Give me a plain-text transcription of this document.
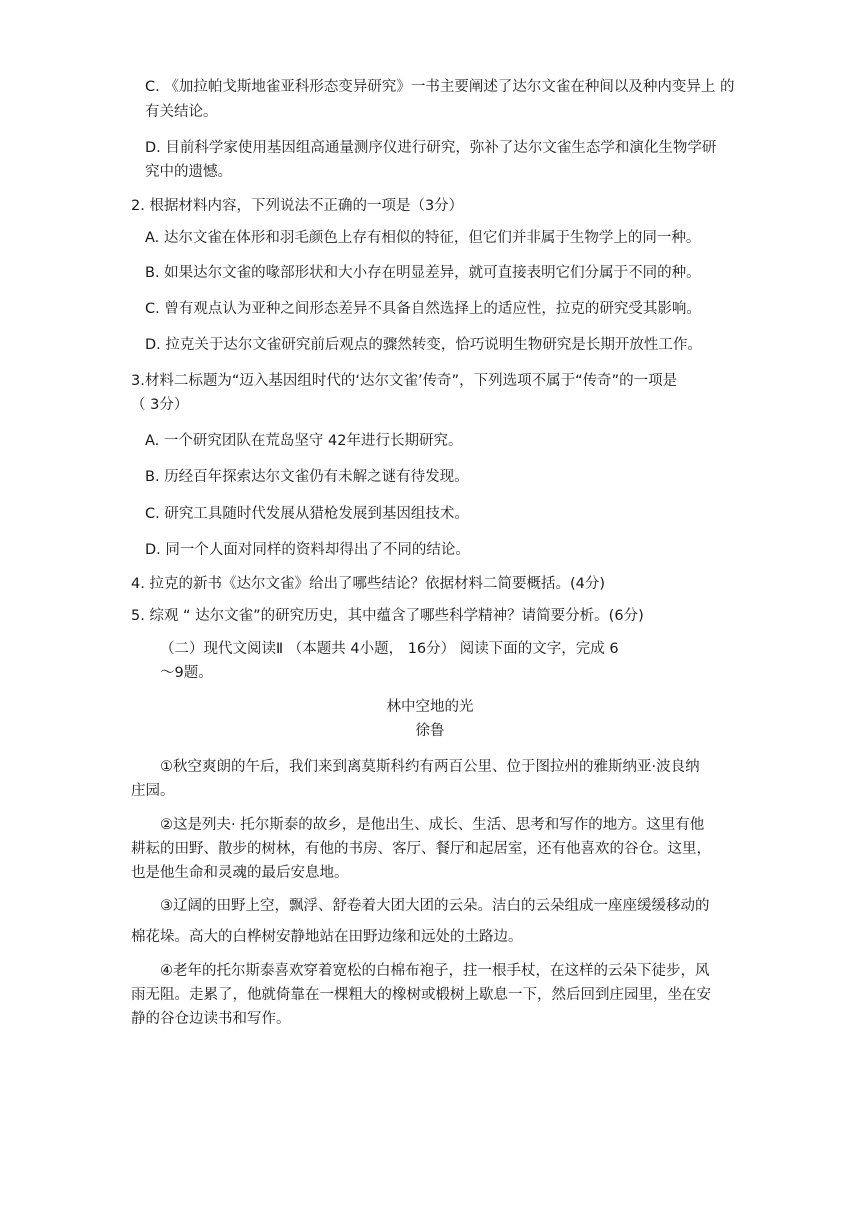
C. 《加拉帕戈斯地雀亚科形态变异研究》一书主要阐述了达尔文雀在种间以及种内变异上 的
有关结论。
D. 目前科学家使用基因组高通量测序仪进行研究，弥补了达尔文雀生态学和演化生物学研
究中的遗憾。
2. 根据材料内容，下列说法不正确的一项是（3分）
A. 达尔文雀在体形和羽毛颜色上存有相似的特征，但它们并非属于生物学上的同一种。
B. 如果达尔文雀的喙部形状和大小存在明显差异，就可直接表明它们分属于不同的种。
C. 曾有观点认为亚种之间形态差异不具备自然选择上的适应性，拉克的研究受其影响。
D. 拉克关于达尔文雀研究前后观点的骤然转变，恰巧说明生物研究是长期开放性工作。
3.材料二标题为“迈入基因组时代的‘达尔文雀’传奇”，下列选项不属于“传奇”的一项是
（ 3分）
A. 一个研究团队在荒岛坚守 42年进行长期研究。
B. 历经百年探索达尔文雀仍有未解之谜有待发现。
C. 研究工具随时代发展从猎枪发展到基因组技术。
D. 同一个人面对同样的资料却得出了不同的结论。
4. 拉克的新书《达尔文雀》给出了哪些结论？依据材料二简要概括。(4分)
5. 综观 “ 达尔文雀”的研究历史，其中蕴含了哪些科学精神？请简要分析。(6分)
（二）现代文阅读Ⅱ （本题共 4小题， 16分） 阅读下面的文字，完成 6
～9题。
林中空地的光
徐鲁
①秋空爽朗的午后，我们来到离莫斯科约有两百公里、位于图拉州的雅斯纳亚·波良纳
庄园。
②这是列夫· 托尔斯泰的故乡，是他出生、成长、生活、思考和写作的地方。这里有他
耕耘的田野、散步的树林，有他的书房、客厅、餐厅和起居室，还有他喜欢的谷仓。这里，
也是他生命和灵魂的最后安息地。
③辽阔的田野上空，飘浮、舒卷着大团大团的云朵。洁白的云朵组成一座座缓缓移动的
棉花垛。高大的白桦树安静地站在田野边缘和远处的土路边。
④老年的托尔斯泰喜欢穿着宽松的白棉布袍子，拄一根手杖，在这样的云朵下徒步，风
雨无阻。走累了，他就倚靠在一棵粗大的橡树或椴树上歇息一下，然后回到庄园里，坐在安
静的谷仓边读书和写作。
